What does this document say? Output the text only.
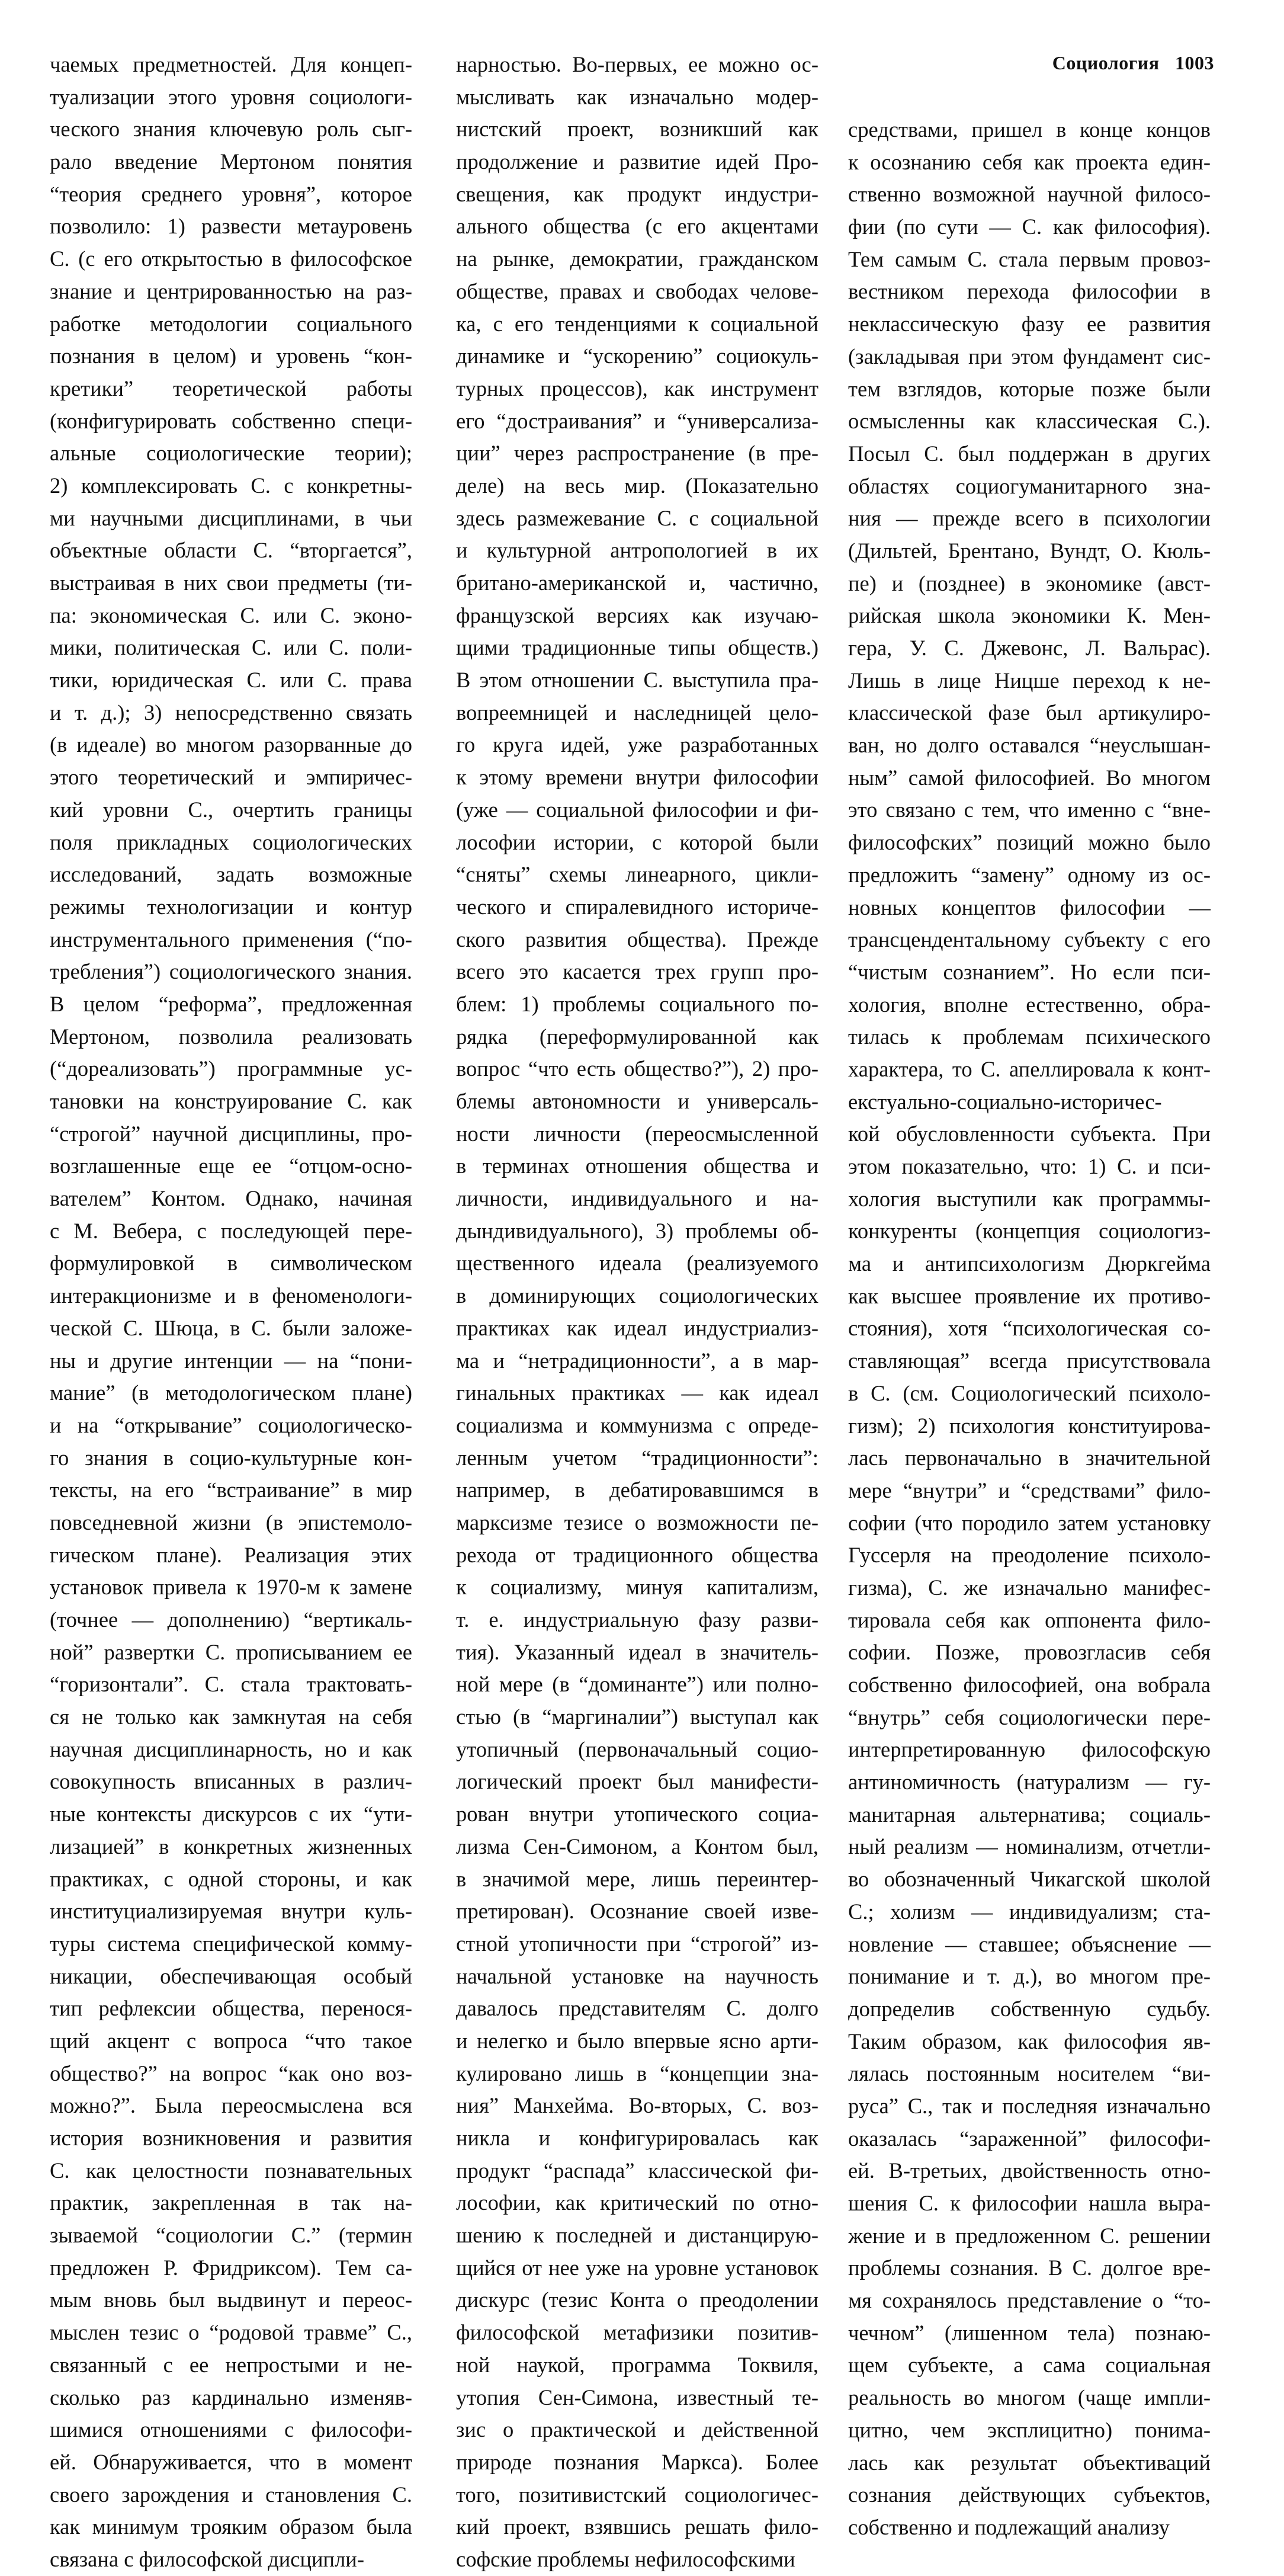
Социология 1003
чаемых предметностей. Для концеп-
туализации этого уровня социологи-
ческого знания ключевую роль сыг-
рало введение Мертоном понятия
“теория среднего уровня”, которое
позволило: 1) развести метауровень
С. (с его открытостью в философское
знание и центрированностью на раз-
работке методологии социального
познания в целом) и уровень “кон-
кретики” теоретической работы
(конфигурировать собственно специ-
альные социологические теории);
2) комплексировать С. с конкретны-
ми научными дисциплинами, в чьи
объектные области С. “вторгается”,
выстраивая в них свои предметы (ти-
па: экономическая С. или С. эконо-
мики, политическая С. или С. поли-
тики, юридическая С. или С. права
и т. д.); 3) непосредственно связать
(в идеале) во многом разорванные до
этого теоретический и эмпиричес-
кий уровни С., очертить границы
поля прикладных социологических
исследований, задать возможные
режимы технологизации и контур
инструментального применения (“по-
требления”) социологического знания.
В целом “реформа”, предложенная
Мертоном, позволила реализовать
(“дореализовать”) программные ус-
тановки на конструирование С. как
“строгой” научной дисциплины, про-
возглашенные еще ее “отцом-осно-
вателем” Контом. Однако, начиная
с М. Вебера, с последующей пере-
формулировкой в символическом
интеракционизме и в феноменологи-
ческой С. Шюца, в С. были заложе-
ны и другие интенции — на “пони-
мание” (в методологическом плане)
и на “открывание” социологическо-
го знания в социо-культурные кон-
тексты, на его “встраивание” в мир
повседневной жизни (в эпистемоло-
гическом плане). Реализация этих
установок привела к 1970-м к замене
(точнее — дополнению) “вертикаль-
ной” развертки С. прописыванием ее
“горизонтали”. С. стала трактовать-
ся не только как замкнутая на себя
научная дисциплинарность, но и как
совокупность вписанных в различ-
ные контексты дискурсов с их “ути-
лизацией” в конкретных жизненных
практиках, с одной стороны, и как
институциализируемая внутри куль-
туры система специфической комму-
никации, обеспечивающая особый
тип рефлексии общества, перенося-
щий акцент с вопроса “что такое
общество?” на вопрос “как оно воз-
можно?”. Была переосмыслена вся
история возникновения и развития
С. как целостности познавательных
практик, закрепленная в так на-
зываемой “социологии С.” (термин
предложен Р. Фридриксом). Тем са-
мым вновь был выдвинут и переос-
мыслен тезис о “родовой травме” С.,
связанный с ее непростыми и не-
сколько раз кардинально изменяв-
шимися отношениями с философи-
ей. Обнаруживается, что в момент
своего зарождения и становления С.
как минимум трояким образом была
связана с философской дисципли-
нарностью. Во-первых, ее можно ос-
мысливать как изначально модер-
нистский проект, возникший как
продолжение и развитие идей Про-
свещения, как продукт индустри-
ального общества (с его акцентами
на рынке, демократии, гражданском
обществе, правах и свободах челове-
ка, с его тенденциями к социальной
динамике и “ускорению” социокуль-
турных процессов), как инструмент
его “достраивания” и “универсализа-
ции” через распространение (в пре-
деле) на весь мир. (Показательно
здесь размежевание С. с социальной
и культурной антропологией в их
британо-американской и, частично,
французской версиях как изучаю-
щими традиционные типы обществ.)
В этом отношении С. выступила пра-
вопреемницей и наследницей цело-
го круга идей, уже разработанных
к этому времени внутри философии
(уже — социальной философии и фи-
лософии истории, с которой были
“сняты” схемы линеарного, цикли-
ческого и спиралевидного историче-
ского развития общества). Прежде
всего это касается трех групп про-
блем: 1) проблемы социального по-
рядка (переформулированной как
вопрос “что есть общество?”), 2) про-
блемы автономности и универсаль-
ности личности (переосмысленной
в терминах отношения общества и
личности, индивидуального и на-
дындивидуального), 3) проблемы об-
щественного идеала (реализуемого
в доминирующих социологических
практиках как идеал индустриализ-
ма и “нетрадиционности”, а в мар-
гинальных практиках — как идеал
социализма и коммунизма с опреде-
ленным учетом “традиционности”:
например, в дебатировавшимся в
марксизме тезисе о возможности пе-
рехода от традиционного общества
к социализму, минуя капитализм,
т. е. индустриальную фазу разви-
тия). Указанный идеал в значитель-
ной мере (в “доминанте”) или полно-
стью (в “маргиналии”) выступал как
утопичный (первоначальный социо-
логический проект был манифести-
рован внутри утопического социа-
лизма Сен-Симоном, а Контом был,
в значимой мере, лишь переинтер-
претирован). Осознание своей изве-
стной утопичности при “строгой” из-
начальной установке на научность
давалось представителям С. долго
и нелегко и было впервые ясно арти-
кулировано лишь в “концепции зна-
ния” Манхейма. Во-вторых, С. воз-
никла и конфигурировалась как
продукт “распада” классической фи-
лософии, как критический по отно-
шению к последней и дистанцирую-
щийся от нее уже на уровне установок
дискурс (тезис Конта о преодолении
философской метафизики позитив-
ной наукой, программа Токвиля,
утопия Сен-Симона, известный те-
зис о практической и действенной
природе познания Маркса). Более
того, позитивистский социологичес-
кий проект, взявшись решать фило-
софские проблемы нефилософскими
средствами, пришел в конце концов
к осознанию себя как проекта един-
ственно возможной научной филосо-
фии (по сути — С. как философия).
Тем самым С. стала первым провоз-
вестником перехода философии в
неклассическую фазу ее развития
(закладывая при этом фундамент сис-
тем взглядов, которые позже были
осмысленны как классическая С.).
Посыл С. был поддержан в других
областях социогуманитарного зна-
ния — прежде всего в психологии
(Дильтей, Брентано, Вундт, О. Кюль-
пе) и (позднее) в экономике (авст-
рийская школа экономики К. Мен-
гера, У. С. Джевонс, Л. Вальрас).
Лишь в лице Ницше переход к не-
классической фазе был артикулиро-
ван, но долго оставался “неуслышан-
ным” самой философией. Во многом
это связано с тем, что именно с “вне-
философских” позиций можно было
предложить “замену” одному из ос-
новных концептов философии —
трансцендентальному субъекту с его
“чистым сознанием”. Но если пси-
хология, вполне естественно, обра-
тилась к проблемам психического
характера, то С. апеллировала к конт-
екстуально-социально-историчес-
кой обусловленности субъекта. При
этом показательно, что: 1) С. и пси-
хология выступили как программы-
конкуренты (концепция социологиз-
ма и антипсихологизм Дюркгейма
как высшее проявление их противо-
стояния), хотя “психологическая со-
ставляющая” всегда присутствовала
в С. (см. Социологический психоло-
гизм); 2) психология конституирова-
лась первоначально в значительной
мере “внутри” и “средствами” фило-
софии (что породило затем установку
Гуссерля на преодоление психоло-
гизма), С. же изначально манифес-
тировала себя как оппонента фило-
софии. Позже, провозгласив себя
собственно философией, она вобрала
“внутрь” себя социологически пере-
интерпретированную философскую
антиномичность (натурализм — гу-
манитарная альтернатива; социаль-
ный реализм — номинализм, отчетли-
во обозначенный Чикагской школой
С.; холизм — индивидуализм; ста-
новление — ставшее; объяснение —
понимание и т. д.), во многом пре-
допределив собственную судьбу.
Таким образом, как философия яв-
лялась постоянным носителем “ви-
руса” С., так и последняя изначально
оказалась “зараженной” философи-
ей. В-третьих, двойственность отно-
шения С. к философии нашла выра-
жение и в предложенном С. решении
проблемы сознания. В С. долгое вре-
мя сохранялось представление о “то-
чечном” (лишенном тела) познаю-
щем субъекте, а сама социальная
реальность во многом (чаще импли-
цитно, чем эксплицитно) понима-
лась как результат объективаций
сознания действующих субъектов,
собственно и подлежащий анализу
